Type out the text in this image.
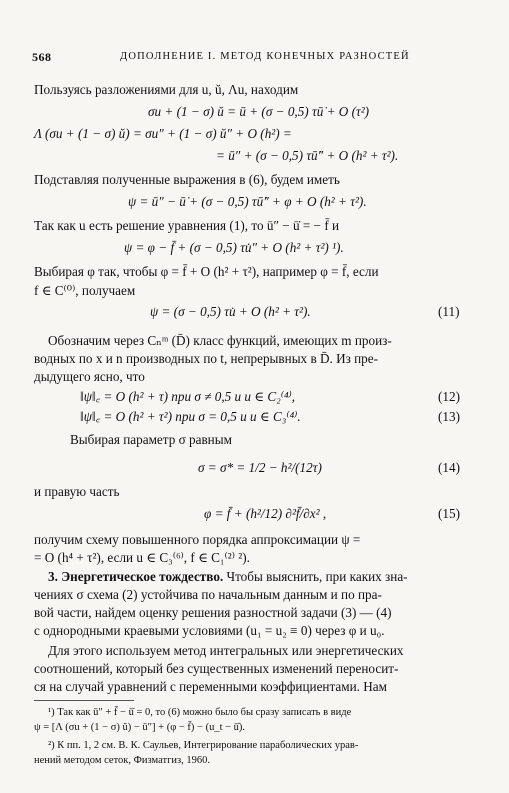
568	ДОПОЛНЕНИЕ I. МЕТОД КОНЕЧНЫХ РАЗНОСТЕЙ
Пользуясь разложениями для u, ŭ, Λu, находим
σu + (1 − σ) ŭ = ū + (σ − 0,5) τū̇ + O (τ²)
Λ (σu + (1 − σ) ŭ) = σu″ + (1 − σ) ŭ″ + O (h²) =
= ū″ + (σ − 0,5) τū̇″ + O (h² + τ²).
Подставляя полученные выражения в (6), будем иметь
ψ = ū″ − ū̇ + (σ − 0,5) τū̇″ + φ + O (h² + τ²).
Так как u есть решение уравнения (1), то ū″ − ū̇ = − f̄ и
ψ = φ − f̄ + (σ − 0,5) τu̇″ + O (h² + τ²) ¹).
Выбирая φ так, чтобы φ = f̄ + O (h² + τ²), например φ = f̄, если
f ∈ C⁽⁰⁾, получаем
ψ = (σ − 0,5) τu̇ + O (h² + τ²).	(11)
Обозначим через Cₙᵐ (D̄) класс функций, имеющих m произ-
водных по x и n производных по t, непрерывных в D̄. Из пре-
дыдущего ясно, что
‖ψ‖꜀ = O (h² + τ) при σ ≠ 0,5 и u ∈ C₂⁽⁴⁾,	(12)
‖ψ‖꜀ = O (h² + τ²) при σ = 0,5 и u ∈ C₃⁽⁴⁾.	(13)
Выбирая параметр σ равным
σ = σ* = 1/2 − h²/(12τ)	(14)
и правую часть
φ = f̄ + (h²/12) ∂²f̄/∂x² ,	(15)
получим схему повышенного порядка аппроксимации ψ =
= O (h⁴ + τ²), если u ∈ C₃⁽⁶⁾, f ∈ C₁⁽²⁾ ²).
3. Энергетическое тождество. Чтобы выяснить, при каких зна-
чениях σ схема (2) устойчива по начальным данным и по пра-
вой части, найдем оценку решения разностной задачи (3) — (4)
с однородными краевыми условиями (u₁ = u₂ ≡ 0) через φ и u₀.
Для этого используем метод интегральных или энергетических
соотношений, который без существенных изменений переносит-
ся на случай уравнений с переменными коэффициентами. Нам
¹) Так как ū″ + f̄ − ū̇ = 0, то (6) можно было бы сразу записать в виде
ψ = [Λ (σu + (1 − σ) ŭ) − ū″] + (φ − f̄) − (u_t − ū̇).
²) К пп. 1, 2 см. В. К. Саульев, Интегрирование параболических урав-
нений методом сеток, Физматгиз, 1960.
